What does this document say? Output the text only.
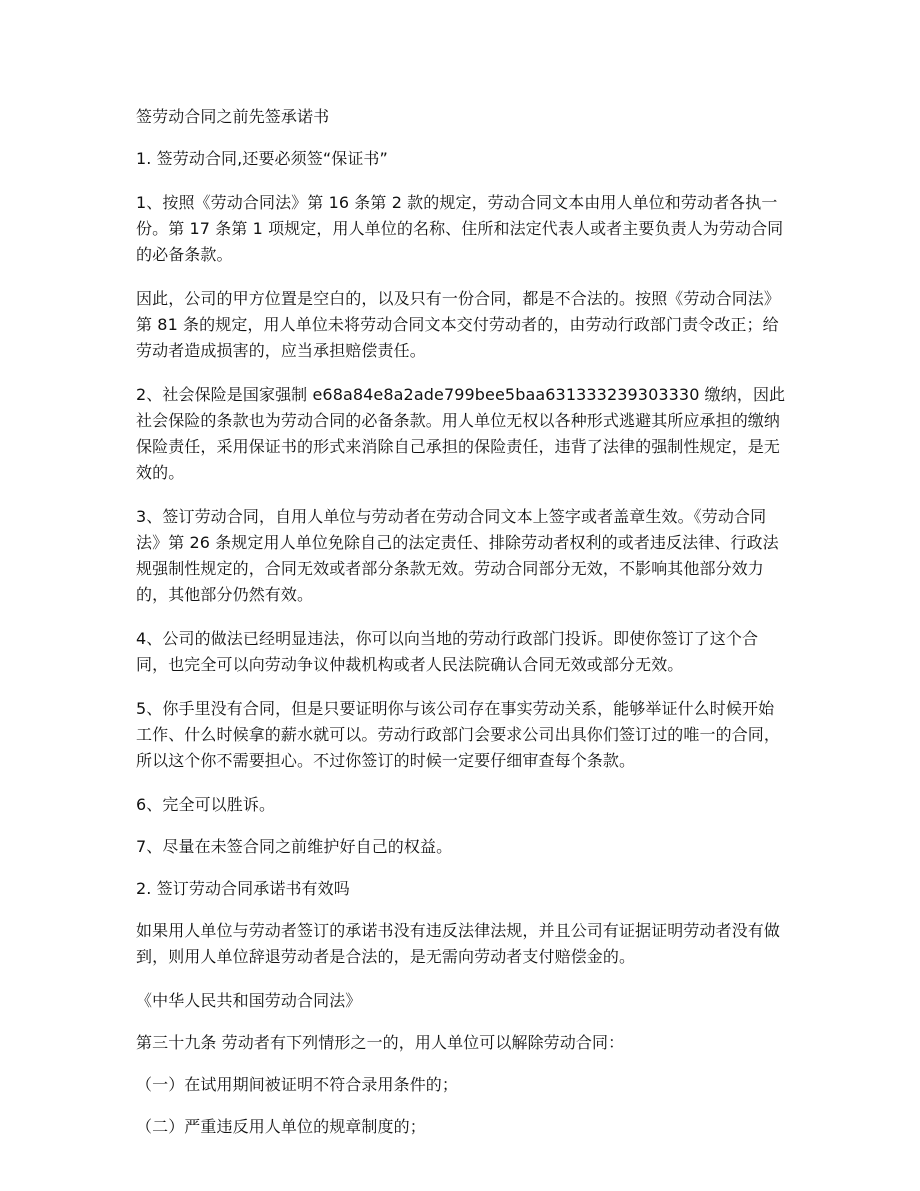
签劳动合同之前先签承诺书

1. 签劳动合同,还要必须签“保证书”

1、按照《劳动合同法》第 16 条第 2 款的规定，劳动合同文本由用人单位和劳动者各执一份。第 17 条第 1 项规定，用人单位的名称、住所和法定代表人或者主要负责人为劳动合同的必备条款。

因此，公司的甲方位置是空白的，以及只有一份合同，都是不合法的。按照《劳动合同法》第 81 条的规定，用人单位未将劳动合同文本交付劳动者的，由劳动行政部门责令改正；给劳动者造成损害的，应当承担赔偿责任。

2、社会保险是国家强制 e68a84e8a2ade799bee5baa631333239303330 缴纳，因此社会保险的条款也为劳动合同的必备条款。用人单位无权以各种形式逃避其所应承担的缴纳保险责任，采用保证书的形式来消除自己承担的保险责任，违背了法律的强制性规定，是无效的。

3、签订劳动合同，自用人单位与劳动者在劳动合同文本上签字或者盖章生效。《劳动合同法》第 26 条规定用人单位免除自己的法定责任、排除劳动者权利的或者违反法律、行政法规强制性规定的，合同无效或者部分条款无效。劳动合同部分无效，不影响其他部分效力的，其他部分仍然有效。

4、公司的做法已经明显违法，你可以向当地的劳动行政部门投诉。即使你签订了这个合同，也完全可以向劳动争议仲裁机构或者人民法院确认合同无效或部分无效。

5、你手里没有合同，但是只要证明你与该公司存在事实劳动关系，能够举证什么时候开始工作、什么时候拿的薪水就可以。劳动行政部门会要求公司出具你们签订过的唯一的合同，所以这个你不需要担心。不过你签订的时候一定要仔细审查每个条款。

6、完全可以胜诉。

7、尽量在未签合同之前维护好自己的权益。

2. 签订劳动合同承诺书有效吗

如果用人单位与劳动者签订的承诺书没有违反法律法规，并且公司有证据证明劳动者没有做到，则用人单位辞退劳动者是合法的，是无需向劳动者支付赔偿金的。

《中华人民共和国劳动合同法》

第三十九条 劳动者有下列情形之一的，用人单位可以解除劳动合同：

（一）在试用期间被证明不符合录用条件的；

（二）严重违反用人单位的规章制度的；
